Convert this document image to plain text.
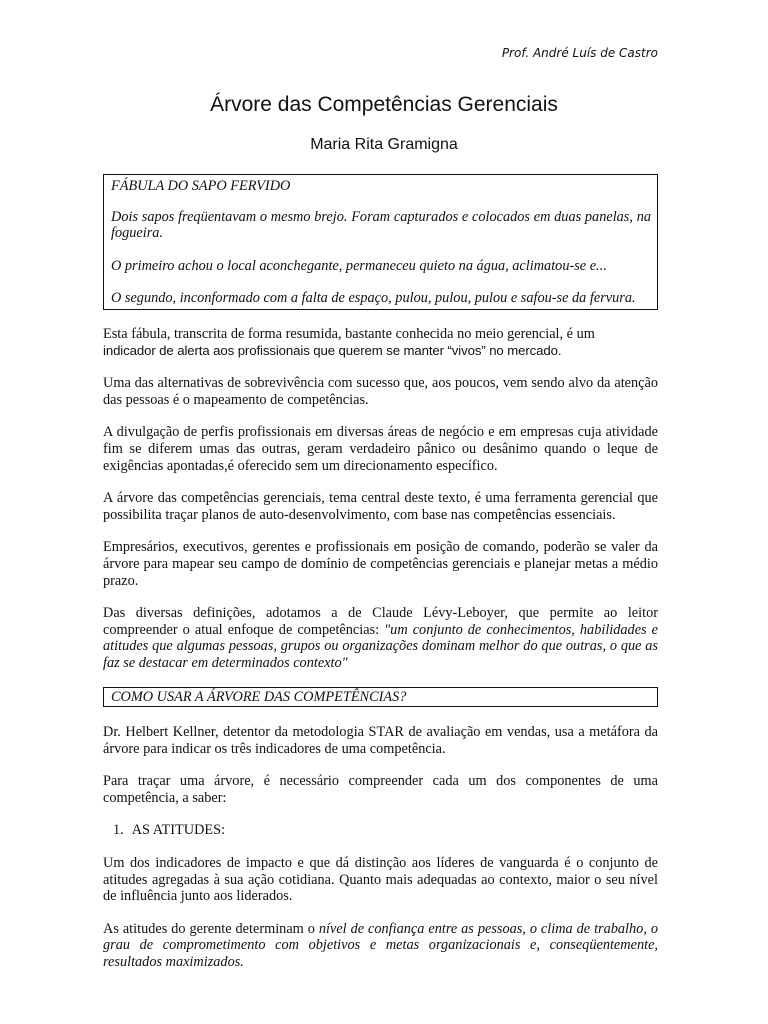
Prof. André Luís de Castro
Árvore das Competências Gerenciais
Maria Rita Gramigna

FÁBULA DO SAPO FERVIDO

Dois sapos freqüentavam o mesmo brejo. Foram capturados e colocados em duas panelas, na fogueira.

O primeiro achou o local aconchegante, permaneceu quieto na água, aclimatou-se e...

O segundo, inconformado com a falta de espaço, pulou, pulou, pulou e safou-se da fervura.

Esta fábula, transcrita de forma resumida, bastante conhecida no meio gerencial, é um
indicador de alerta aos profissionais que querem se manter “vivos” no mercado.

Uma das alternativas de sobrevivência com sucesso que, aos poucos, vem sendo alvo da atenção das pessoas é o mapeamento de competências.

A divulgação de perfis profissionais em diversas áreas de negócio e em empresas cuja atividade fim se diferem umas das outras, geram verdadeiro pânico ou desânimo quando o leque de exigências apontadas,é oferecido sem um direcionamento específico.

A árvore das competências gerenciais, tema central deste texto, é uma ferramenta gerencial que possibilita traçar planos de auto-desenvolvimento, com base nas competências essenciais.

Empresários, executivos, gerentes e profissionais em posição de comando, poderão se valer da árvore para mapear seu campo de domínio de competências gerenciais e planejar metas a médio prazo.

Das diversas definições, adotamos a de Claude Lévy-Leboyer, que permite ao leitor compreender o atual enfoque de competências: "um conjunto de conhecimentos, habilidades e atitudes que algumas pessoas, grupos ou organizações dominam melhor do que outras, o que as faz se destacar em determinados contexto"

COMO USAR A ÁRVORE DAS COMPETÊNCIAS?

Dr. Helbert Kellner, detentor da metodologia STAR de avaliação em vendas, usa a metáfora da árvore para indicar os três indicadores de uma competência.

Para traçar uma árvore, é necessário compreender cada um dos componentes de uma competência, a saber:

1. AS ATITUDES:

Um dos indicadores de impacto e que dá distinção aos líderes de vanguarda é o conjunto de atitudes agregadas à sua ação cotidiana. Quanto mais adequadas ao contexto, maior o seu nível de influência junto aos liderados.

As atitudes do gerente determinam o nível de confiança entre as pessoas, o clima de trabalho, o grau de comprometimento com objetivos e metas organizacionais e, conseqüentemente, resultados maximizados.
